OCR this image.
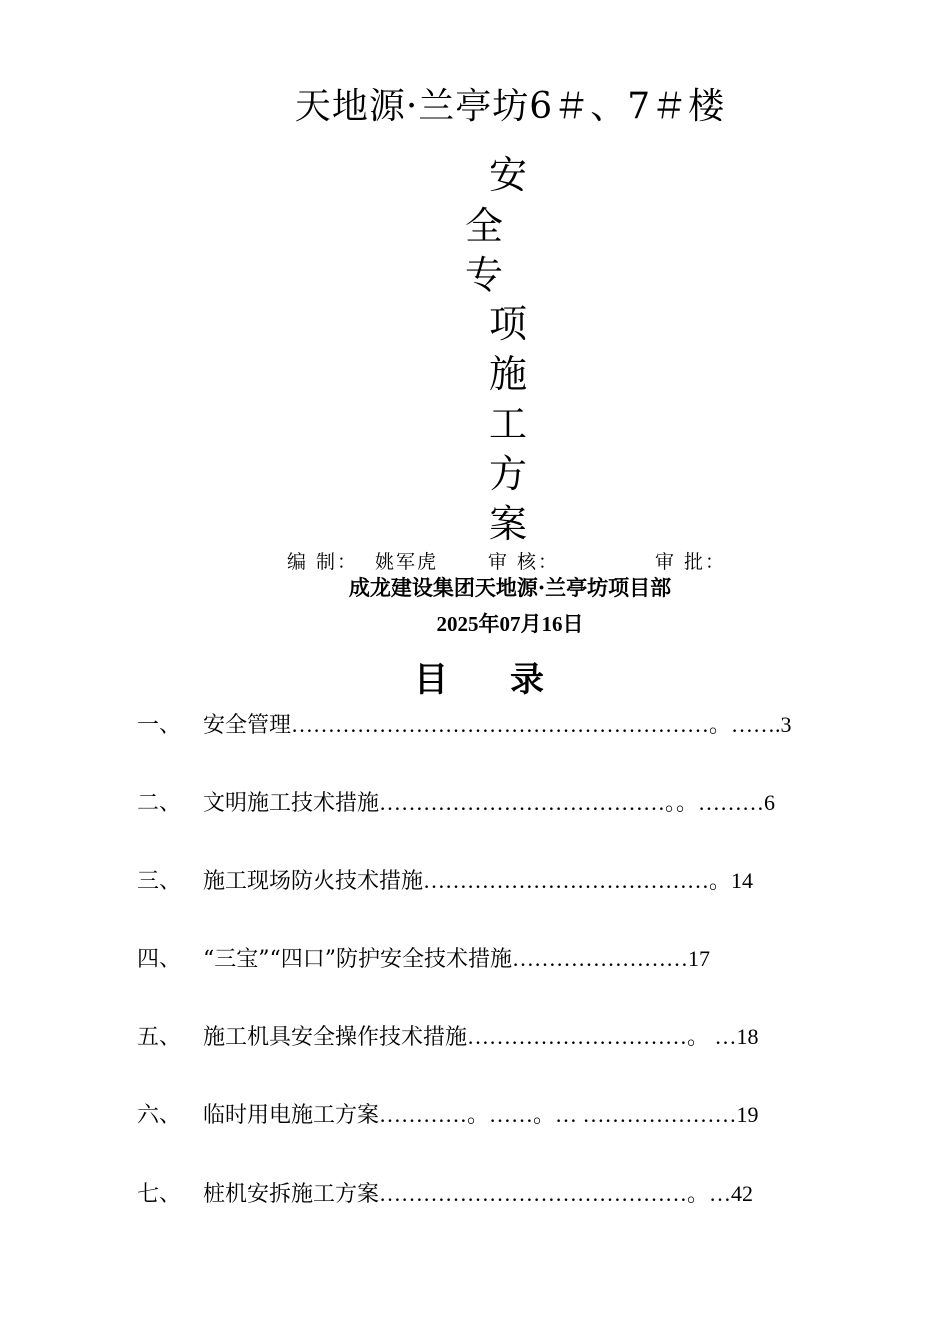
天地源·兰亭坊6＃、7＃楼
安
全
专
项
施
工
方
案
编 制： 姚军虎	审 核：	审 批：
成龙建设集团天地源·兰亭坊项目部
2025年07月16日
目录
一、 安全管理…………………………………………………。…….3
二、 文明施工技术措施…………………………………。。………6
三、 施工现场防火技术措施…………………………………。14
四、 “三宝”“四口”防护安全技术措施……………………17
五、 施工机具安全操作技术措施…………………………。 …18
六、 临时用电施工方案…………。……。… …………………19
七、 桩机安拆施工方案……………………………………。…42
